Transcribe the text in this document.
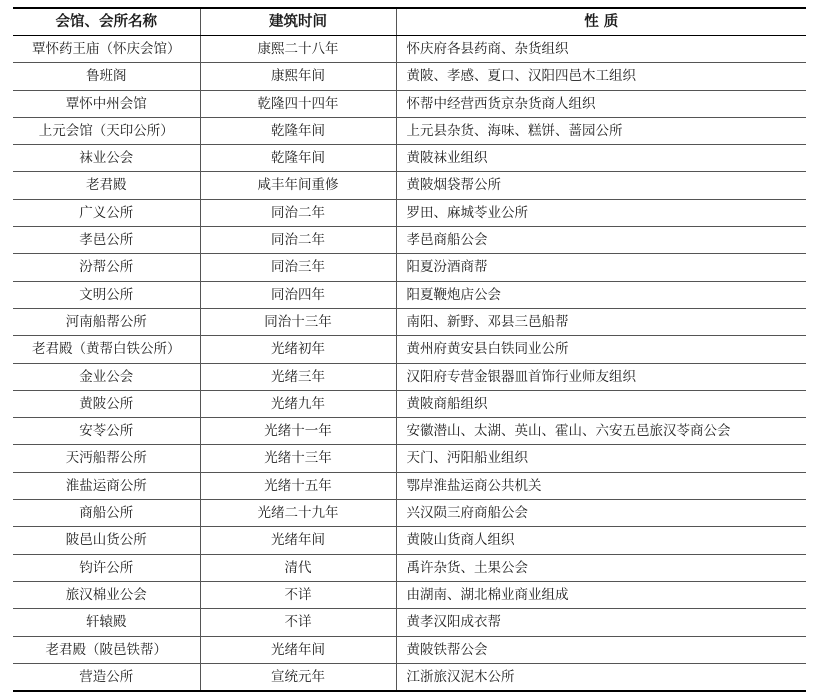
会馆、会所名称	建筑时间	性 质
覃怀药王庙（怀庆会馆）	康熙二十八年	怀庆府各县药商、杂货组织
鲁班阁	康熙年间	黄陂、孝感、夏口、汉阳四邑木工组织
覃怀中州会馆	乾隆四十四年	怀帮中经营西货京杂货商人组织
上元会馆（天印公所）	乾隆年间	上元县杂货、海味、糕饼、蔷园公所
袜业公会	乾隆年间	黄陂袜业组织
老君殿	咸丰年间重修	黄陂烟袋帮公所
广义公所	同治二年	罗田、麻城苓业公所
孝邑公所	同治二年	孝邑商船公会
汾帮公所	同治三年	阳夏汾酒商帮
文明公所	同治四年	阳夏鞭炮店公会
河南船帮公所	同治十三年	南阳、新野、邓县三邑船帮
老君殿（黄帮白铁公所）	光绪初年	黄州府黄安县白铁同业公所
金业公会	光绪三年	汉阳府专营金银器皿首饰行业师友组织
黄陂公所	光绪九年	黄陂商船组织
安苓公所	光绪十一年	安徽潜山、太湖、英山、霍山、六安五邑旅汉苓商公会
天沔船帮公所	光绪十三年	天门、沔阳船业组织
淮盐运商公所	光绪十五年	鄂岸淮盐运商公共机关
商船公所	光绪二十九年	兴汉陨三府商船公会
陂邑山货公所	光绪年间	黄陂山货商人组织
钧许公所	清代	禹许杂货、土果公会
旅汉棉业公会	不详	由湖南、湖北棉业商业组成
轩辕殿	不详	黄孝汉阳成衣帮
老君殿（陂邑铁帮）	光绪年间	黄陂铁帮公会
营造公所	宣统元年	江浙旅汉泥木公所
